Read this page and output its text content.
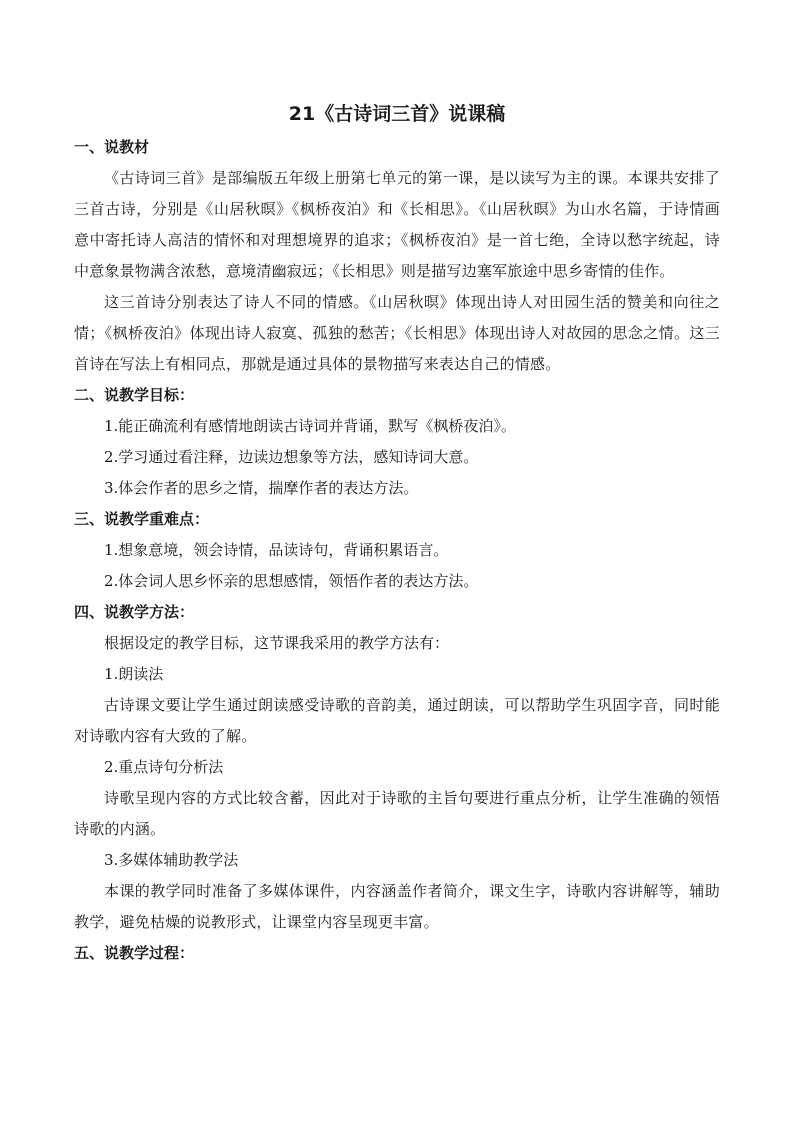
21《古诗词三首》说课稿

一、说教材

《古诗词三首》是部编版五年级上册第七单元的第一课，是以读写为主的课。本课共安排了三首古诗，分别是《山居秋暝》《枫桥夜泊》和《长相思》。《山居秋暝》为山水名篇，于诗情画意中寄托诗人高洁的情怀和对理想境界的追求；《枫桥夜泊》是一首七绝，全诗以愁字统起，诗中意象景物满含浓愁，意境清幽寂远；《长相思》则是描写边塞军旅途中思乡寄情的佳作。

这三首诗分别表达了诗人不同的情感。《山居秋暝》体现出诗人对田园生活的赞美和向往之情；《枫桥夜泊》体现出诗人寂寞、孤独的愁苦；《长相思》体现出诗人对故园的思念之情。这三首诗在写法上有相同点，那就是通过具体的景物描写来表达自己的情感。

二、说教学目标：

1.能正确流利有感情地朗读古诗词并背诵，默写《枫桥夜泊》。

2.学习通过看注释，边读边想象等方法，感知诗词大意。

3.体会作者的思乡之情，揣摩作者的表达方法。

三、说教学重难点：

1.想象意境，领会诗情，品读诗句，背诵积累语言。

2.体会词人思乡怀亲的思想感情，领悟作者的表达方法。

四、说教学方法：

根据设定的教学目标，这节课我采用的教学方法有：

1.朗读法

古诗课文要让学生通过朗读感受诗歌的音韵美，通过朗读，可以帮助学生巩固字音，同时能对诗歌内容有大致的了解。

2.重点诗句分析法

诗歌呈现内容的方式比较含蓄，因此对于诗歌的主旨句要进行重点分析，让学生准确的领悟诗歌的内涵。

3.多媒体辅助教学法

本课的教学同时准备了多媒体课件，内容涵盖作者简介，课文生字，诗歌内容讲解等，辅助教学，避免枯燥的说教形式，让课堂内容呈现更丰富。

五、说教学过程：
